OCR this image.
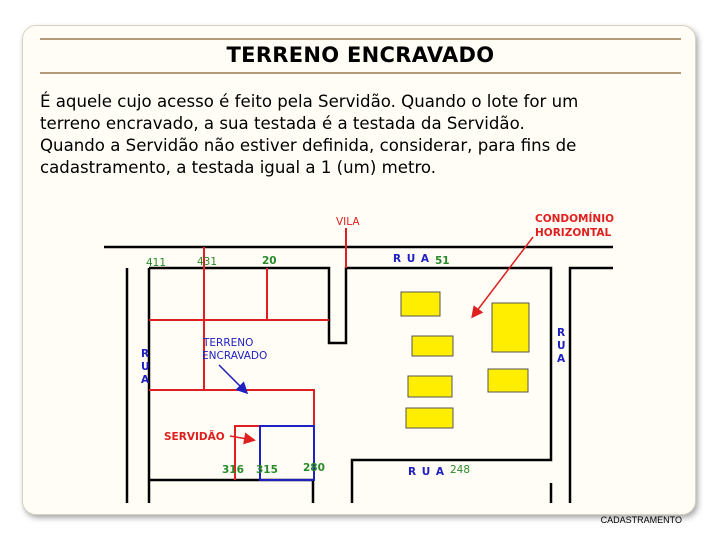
TERRENO ENCRAVADO
É aquele cujo acesso é feito pela Servidão. Quando o lote for um
terreno encravado, a sua testada é a testada da Servidão.
Quando a Servidão não estiver definida, considerar, para fins de
cadastramento, a testada igual a 1 (um) metro.
VILA	CONDOMÍNIO
HORIZONTAL
R U A 51
411	431	20
R
U
A
R
U
A
TERRENO
ENCRAVADO
SERVIDÃO
316 315 280	R U A 248
CADASTRAMENTO
